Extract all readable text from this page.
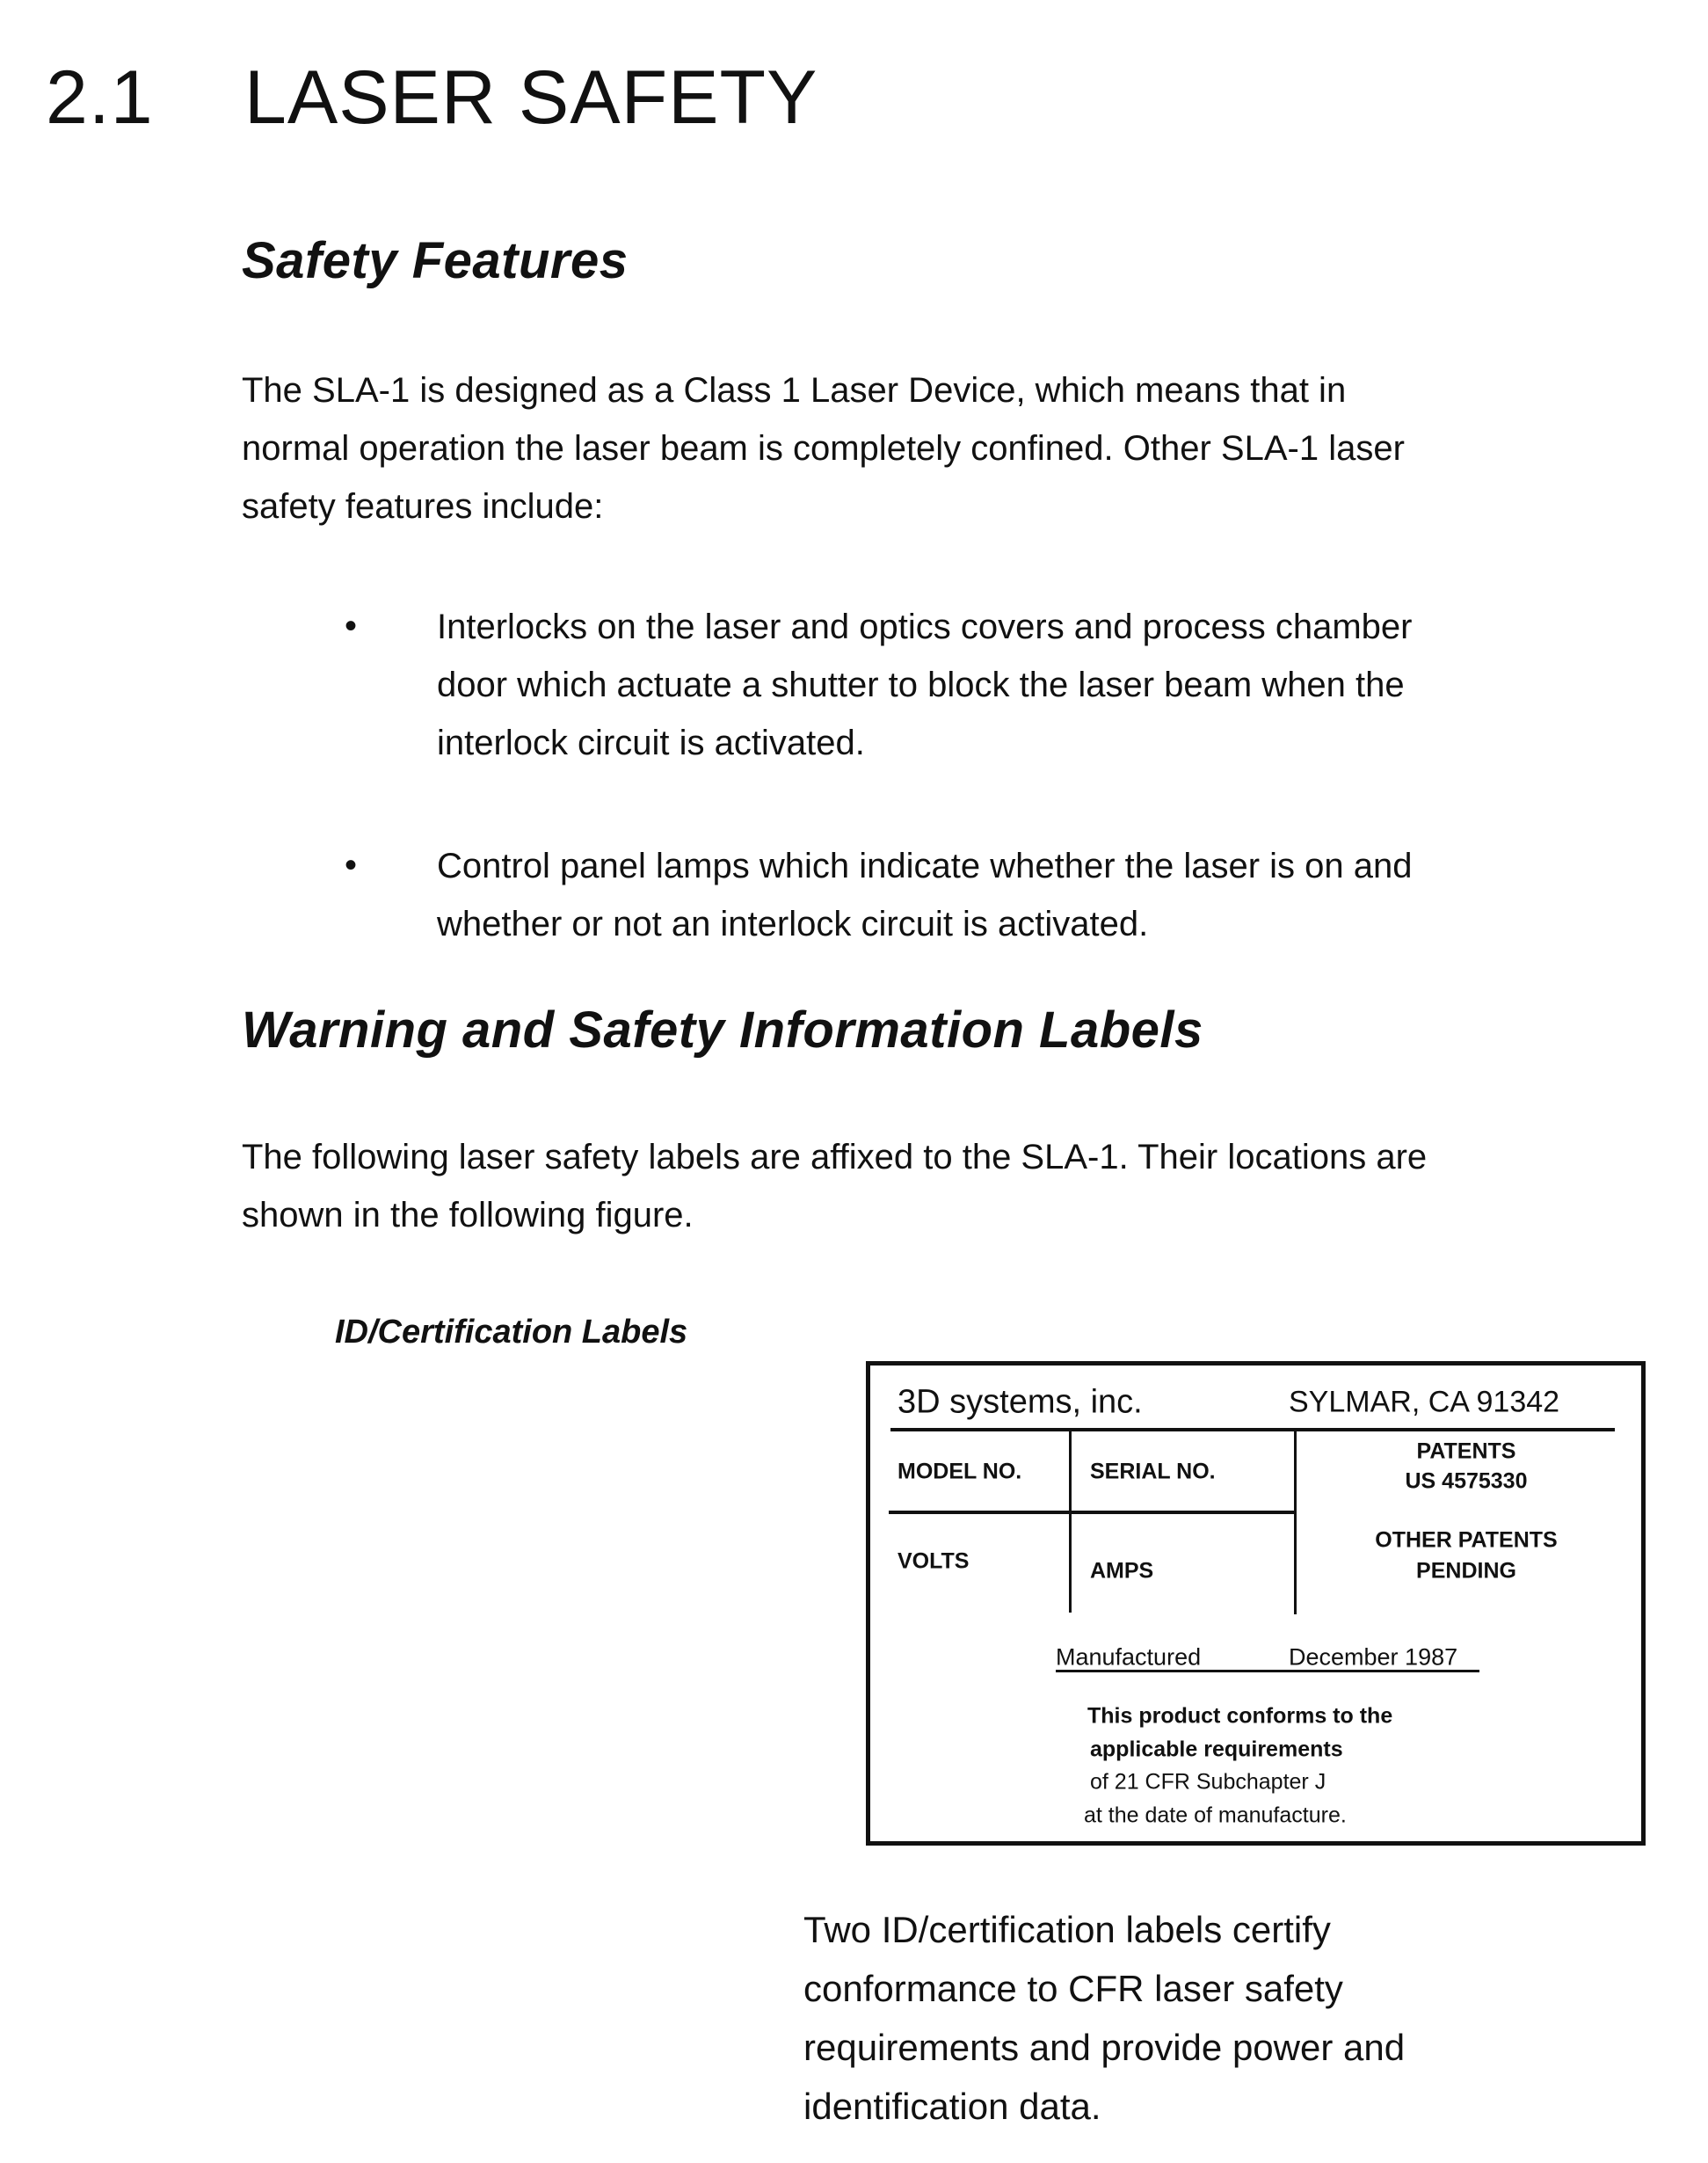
2.1 LASER SAFETY
Safety Features
The SLA-1 is designed as a Class 1 Laser Device, which means that in
normal operation the laser beam is completely confined. Other SLA-1 laser
safety features include:
• Interlocks on the laser and optics covers and process chamber
door which actuate a shutter to block the laser beam when the
interlock circuit is activated.
• Control panel lamps which indicate whether the laser is on and
whether or not an interlock circuit is activated.
Warning and Safety Information Labels
The following laser safety labels are affixed to the SLA-1. Their locations are
shown in the following figure.
ID/Certification Labels
3D systems, inc.	SYLMAR, CA 91342
MODEL NO.	SERIAL NO.
PATENTS
US 4575330
VOLTS	AMPS
OTHER PATENTS
PENDING
Manufactured	December 1987
This product conforms to the
applicable requirements
of 21 CFR Subchapter J
at the date of manufacture.
Two ID/certification labels certify
conformance to CFR laser safety
requirements and provide power and
identification data.
